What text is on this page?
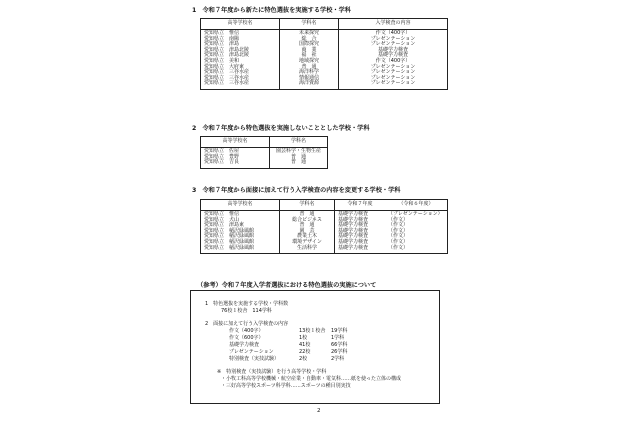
1　令和７年度から新たに特色選抜を実施する学校・学科
高等学校名	学科名	入学検査の内容
愛知県立　惟信	未来探究	作文（400字）
愛知県立　南陽	総　合	プレゼンテーション
愛知県立　津島	国際探究	プレゼンテーション
愛知県立　津島北陵	商　業	基礎学力検査
愛知県立　津島北陵	福　祉	基礎学力検査
愛知県立　美和	地域探究	作文（400字）
愛知県立　大府東	普　通	プレゼンテーション
愛知県立　三谷水産	海洋科学	プレゼンテーション
愛知県立　三谷水産	情報通信	プレゼンテーション
愛知県立　三谷水産	海洋資源	プレゼンテーション
2　令和７年度から特色選抜を実施しないこととした学校・学科
高等学校名	学科名
愛知県立　佐屋	園芸科学・生物生産
愛知県立　豊野	普　通
愛知県立　吉良	普　通
3　令和７年度から面接に加えて行う入学検査の内容を変更する学校・学科
高等学校名	学科名	令和７年度	（令和６年度）
愛知県立　惟信	普　通	基礎学力検査	（プレゼンテーション）
愛知県立　犬山	総合ビジネス	基礎学力検査	（作文）
愛知県立　津島東	普　通	基礎学力検査	（作文）
愛知県立　稲沢緑風館	園　芸	基礎学力検査	（作文）
愛知県立　稲沢緑風館	農業土木	基礎学力検査	（作文）
愛知県立　稲沢緑風館	環境デザイン	基礎学力検査	（作文）
愛知県立　稲沢緑風館	生活科学	基礎学力検査	（作文）
（参考）令和７年度入学者選抜における特色選抜の実施について
1　特色選抜を実施する学校・学科数
76校１校舎　114学科
2　面接に加えて行う入学検査の内容
作文（400字）	13校１校舎 19学科
作文（600字）	1校	1学科
基礎学力検査	41校	66学科
プレゼンテーション	22校	26学科
特別検査（実技試験）	2校	2学科
※　特別検査（実技試験）を行う高等学校・学科
・小牧工科高等学校機械・航空産業・自動車・電気科……紙を使った立体の構成
・三好高等学校スポーツ科学科……スポーツの種目別実技
2
